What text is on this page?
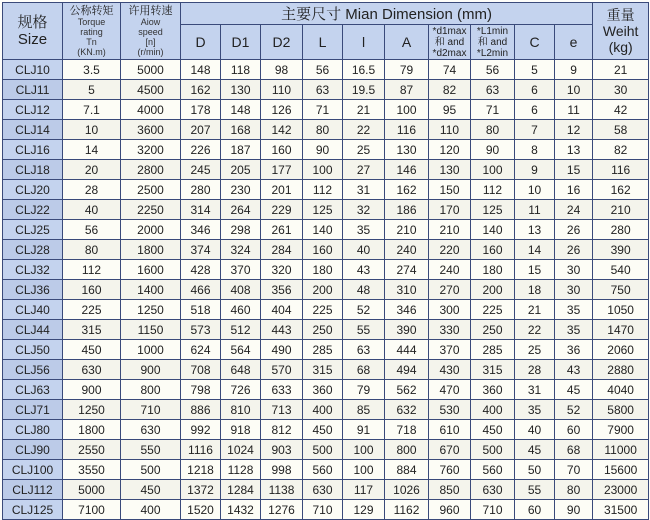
规格
Size	公称转矩
Torque
rating
Tn
(KN.m)	许用转速
Aiow
speed
[n]
(r/min)	主要尺寸 Mian Dimension (mm)										重量
Weiht
(kg)

			D	D1	D2	L	l	A	*d1max
和 and
*d2max	*L1min
和 and
*L2min	C	e	
CLJ10	3.5	5000	148	118	98	56	16.5	79	74	56	5	9	21
CLJ11	5	4500	162	130	110	63	19.5	87	82	63	6	10	30
CLJ12	7.1	4000	178	148	126	71	21	100	95	71	6	11	42
CLJ14	10	3600	207	168	142	80	22	116	110	80	7	12	58
CLJ16	14	3200	226	187	160	90	25	130	120	90	8	13	82
CLJ18	20	2800	245	205	177	100	27	146	130	100	9	15	116
CLJ20	28	2500	280	230	201	112	31	162	150	112	10	16	162
CLJ22	40	2250	314	264	229	125	32	186	170	125	11	24	210
CLJ25	56	2000	346	298	261	140	35	210	210	140	13	26	280
CLJ28	80	1800	374	324	284	160	40	240	220	160	14	26	390
CLJ32	112	1600	428	370	320	180	43	274	240	180	15	30	540
CLJ36	160	1400	466	408	356	200	48	310	270	200	18	30	750
CLJ40	225	1250	518	460	404	225	52	346	300	225	21	35	1050
CLJ44	315	1150	573	512	443	250	55	390	330	250	22	35	1470
CLJ50	450	1000	624	564	490	285	63	444	370	285	25	36	2060
CLJ56	630	900	708	648	570	315	68	494	430	315	28	43	2880
CLJ63	900	800	798	726	633	360	79	562	470	360	31	45	4040
CLJ71	1250	710	886	810	713	400	85	632	530	400	35	52	5800
CLJ80	1800	630	992	918	812	450	91	718	610	450	40	60	7900
CLJ90	2550	550	1116	1024	903	500	100	800	670	500	45	68	11000
CLJ100	3550	500	1218	1128	998	560	100	884	760	560	50	70	15600
CLJ112	5000	450	1372	1284	1138	630	117	1026	850	630	55	80	23000
CLJ125	7100	400	1520	1432	1276	710	129	1162	960	710	60	90	31500
